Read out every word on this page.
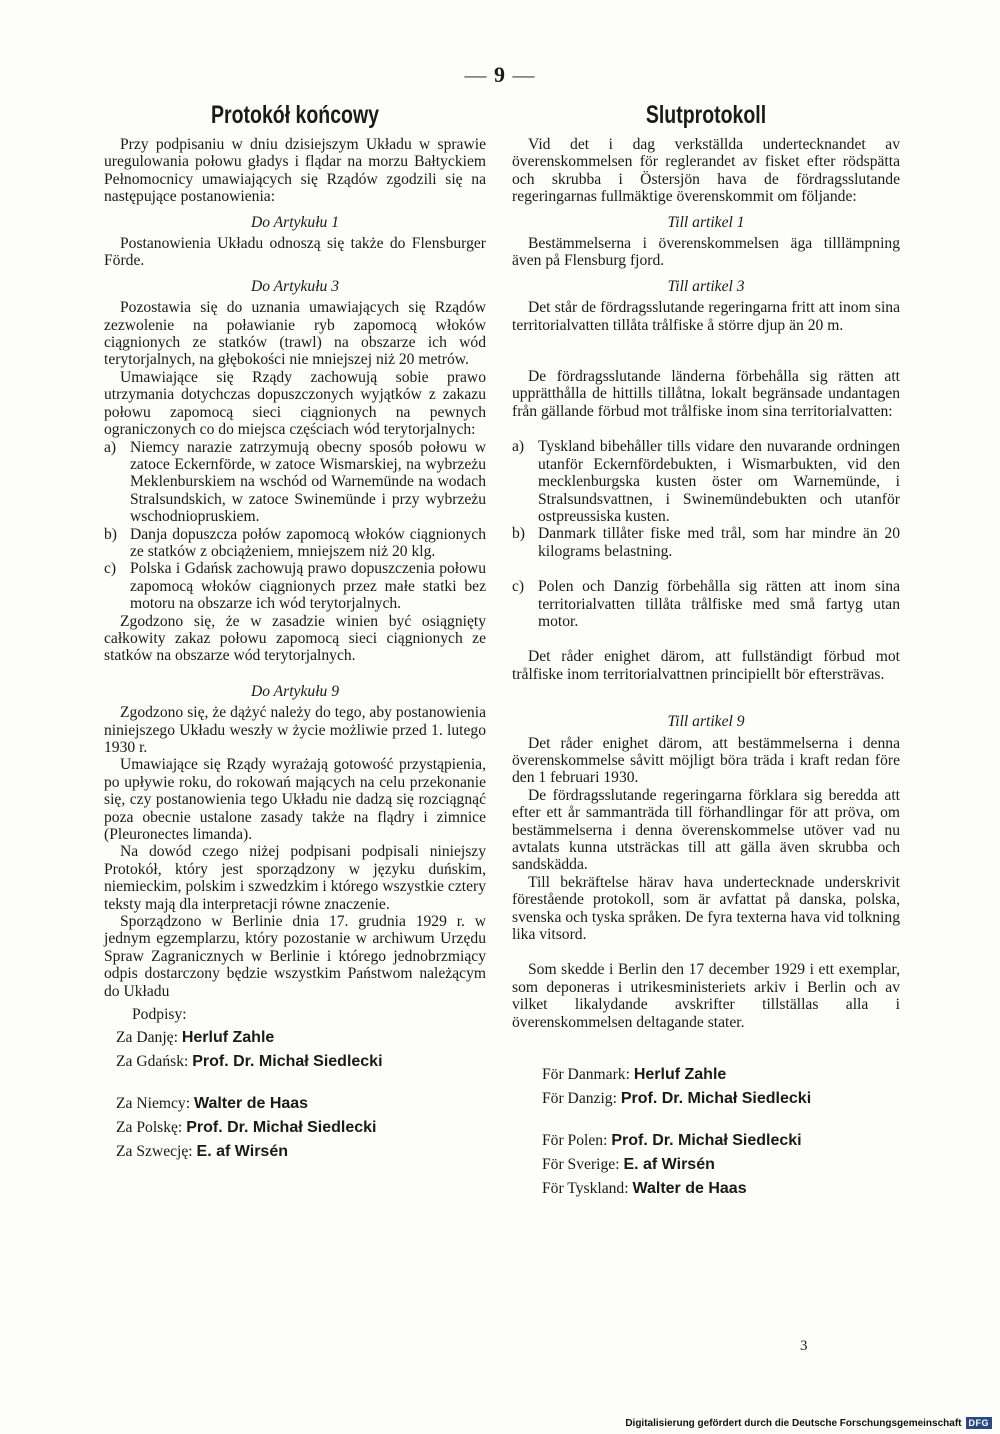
— 9 —
Protokół końcowy

Przy podpisaniu w dniu dzisiejszym Układu w sprawie uregulowania połowu gładys i flądar na morzu Bałtyckiem Pełnomocnicy umawiających się Rządów zgodzili się na następujące postanowienia:

Do Artykułu 1

Postanowienia Układu odnoszą się także do Flensburger Förde.

Do Artykułu 3

Pozostawia się do uznania umawiających się Rządów zezwolenie na poławianie ryb zapomocą włoków ciągnionych ze statków (trawl) na obszarze ich wód terytorjalnych, na głębokości nie mniejszej niż 20 metrów.

Umawiające się Rządy zachowują sobie prawo utrzymania dotychczas dopuszczonych wyjątków z zakazu połowu zapomocą sieci ciągnionych na pewnych ograniczonych co do miejsca częściach wód terytorjalnych:

a) Niemcy narazie zatrzymują obecny sposób połowu w zatoce Eckernförde, w zatoce Wismarskiej, na wybrzeżu Meklenburskiem na wschód od Warnemünde na wodach Stralsundskich, w zatoce Swinemünde i przy wybrzeżu wschodniopruskiem.
b) Danja dopuszcza połów zapomocą włoków ciągnionych ze statków z obciążeniem, mniejszem niż 20 klg.
c) Polska i Gdańsk zachowują prawo dopuszczenia połowu zapomocą włoków ciągnionych przez małe statki bez motoru na obszarze ich wód terytorjalnych.

Zgodzono się, że w zasadzie winien być osiągnięty całkowity zakaz połowu zapomocą sieci ciągnionych ze statków na obszarze wód terytorjalnych.

Do Artykułu 9

Zgodzono się, że dążyć należy do tego, aby postanowienia niniejszego Układu weszły w życie możliwie przed 1. lutego 1930 r.

Umawiające się Rządy wyrażają gotowość przystąpienia, po upływie roku, do rokowań mających na celu przekonanie się, czy postanowienia tego Układu nie dadzą się rozciągnąć poza obecnie ustalone zasady także na flądry i zimnice (Pleuronectes limanda).

Na dowód czego niżej podpisani podpisali niniejszy Protokół, który jest sporządzony w języku duńskim, niemieckim, polskim i szwedzkim i którego wszystkie cztery teksty mają dla interpretacji równe znaczenie.

Sporządzono w Berlinie dnia 17. grudnia 1929 r. w jednym egzemplarzu, który pozostanie w archiwum Urzędu Spraw Zagranicznych w Berlinie i którego jednobrzmiący odpis dostarczony będzie wszystkim Państwom należącym do Układu

Podpisy:
Za Danję: Herluf Zahle
Za Gdańsk: Prof. Dr. Michał Siedlecki
Za Niemcy: Walter de Haas
Za Polskę: Prof. Dr. Michał Siedlecki
Za Szwecję: E. af Wirsén
Slutprotokoll

Vid det i dag verkställda undertecknandet av överenskommelsen för reglerandet av fisket efter rödspätta och skrubba i Östersjön hava de fördragsslutande regeringarnas fullmäktige överenskommit om följande:

Till artikel 1

Bestämmelserna i överenskommelsen äga tilllämpning även på Flensburg fjord.

Till artikel 3

Det står de fördragsslutande regeringarna fritt att inom sina territorialvatten tillåta trålfiske å större djup än 20 m.

De fördragsslutande länderna förbehålla sig rätten att upprätthålla de hittills tillåtna, lokalt begränsade undantagen från gällande förbud mot trålfiske inom sina territorialvatten:

a) Tyskland bibehåller tills vidare den nuvarande ordningen utanför Eckernfördebukten, i Wismarbukten, vid den mecklenburgska kusten öster om Warnemünde, i Stralsundsvattnen, i Swinemündebukten och utanför ostpreussiska kusten.
b) Danmark tillåter fiske med trål, som har mindre än 20 kilograms belastning.
c) Polen och Danzig förbehålla sig rätten att inom sina territorialvatten tillåta trålfiske med små fartyg utan motor.

Det råder enighet därom, att fullständigt förbud mot trålfiske inom territorialvattnen principiellt bör eftersträvas.

Till artikel 9

Det råder enighet därom, att bestämmelserna i denna överenskommelse såvitt möjligt böra träda i kraft redan före den 1 februari 1930.

De fördragsslutande regeringarna förklara sig beredda att efter ett år sammanträda till förhandlingar för att pröva, om bestämmelserna i denna överenskommelse utöver vad nu avtalats kunna utsträckas till att gälla även skrubba och sandskädda.

Till bekräftelse härav hava undertecknade underskrivit förestående protokoll, som är avfattat på danska, polska, svenska och tyska språken. De fyra texterna hava vid tolkning lika vitsord.

Som skedde i Berlin den 17 december 1929 i ett exemplar, som deponeras i utrikesministeriets arkiv i Berlin och av vilket likalydande avskrifter tillställas alla i överenskommelsen deltagande stater.

För Danmark: Herluf Zahle
För Danzig: Prof. Dr. Michał Siedlecki
För Polen: Prof. Dr. Michał Siedlecki
För Sverige: E. af Wirsén
För Tyskland: Walter de Haas
3
Digitalisierung gefördert durch die Deutsche Forschungsgemeinschaft DFG
